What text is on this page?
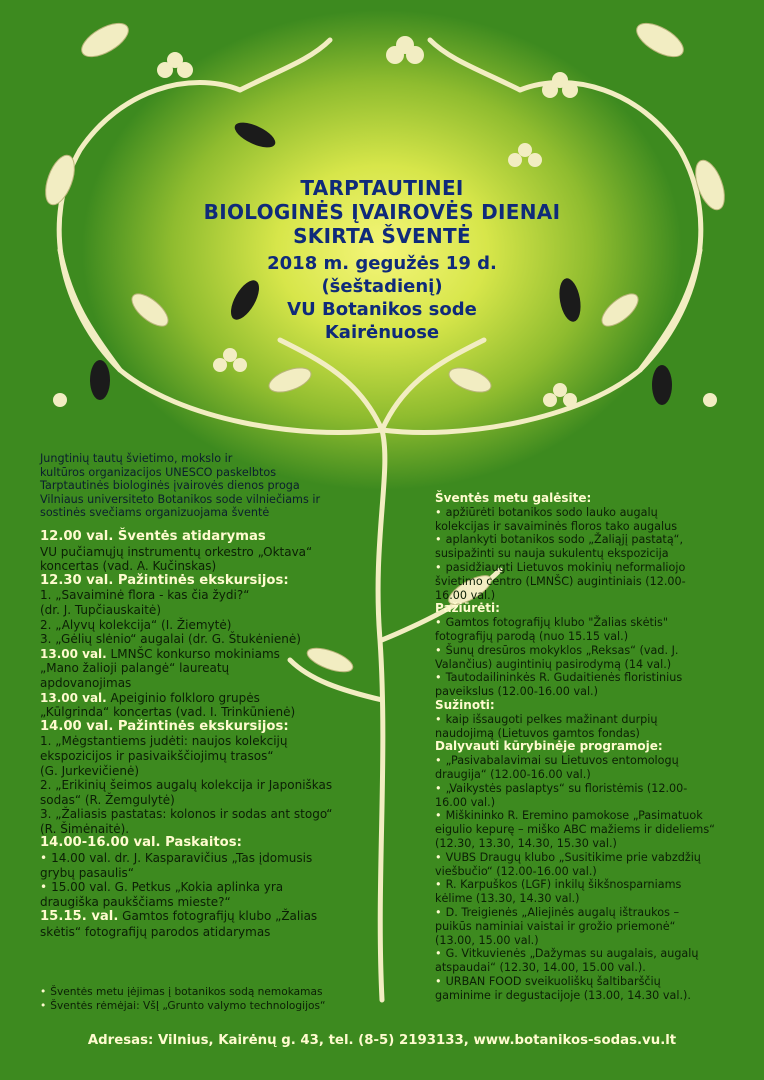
TARPTAUTINEI
BIOLOGINĖS ĮVAIROVĖS DIENAI
SKIRTA ŠVENTĖ
2018 m. gegužės 19 d.
(šeštadienį)
VU Botanikos sode
Kairėnuose
Jungtinių tautų švietimo, mokslo ir
kultūros organizacijos UNESCO paskelbtos
Tarptautinės biologinės įvairovės dienos proga
Vilniaus universiteto Botanikos sode vilniečiams ir
sostinės svečiams organizuojama šventė
12.00 val. Šventės atidarymas
VU pučiamųjų instrumentų orkestro „Oktava“
koncertas (vad. A. Kučinskas)
12.30 val. Pažintinės ekskursijos:
1. „Savaiminė flora - kas čia žydi?“
(dr. J. Tupčiauskaitė)
2. „Alyvų kolekcija“ (I. Žiemytė)
3. „Gėlių slėnio“ augalai (dr. G. Štukėnienė)
13.00 val. LMNŠC konkurso mokiniams
„Mano žalioji palangė“ laureatų
apdovanojimas
13.00 val. Apeiginio folkloro grupės
„Kūlgrinda“ koncertas (vad. I. Trinkūnienė)
14.00 val. Pažintinės ekskursijos:
1. „Mėgstantiems judėti: naujos kolekcijų
ekspozicijos ir pasivaikščiojimų trasos“
(G. Jurkevičienė)
2. „Erikinių šeimos augalų kolekcija ir Japoniškas
sodas“ (R. Žemgulytė)
3. „Žaliasis pastatas: kolonos ir sodas ant stogo“
(R. Šimėnaitė).
14.00-16.00 val. Paskaitos:
• 14.00 val. dr. J. Kasparavičius „Tas įdomusis
grybų pasaulis“
• 15.00 val. G. Petkus „Kokia aplinka yra
draugiška paukščiams mieste?“
15.15. val. Gamtos fotografijų klubo „Žalias
skėtis“ fotografijų parodos atidarymas
Šventės metu galėsite:
• apžiūrėti botanikos sodo lauko augalų
kolekcijas ir savaiminės floros tako augalus
• aplankyti botanikos sodo „Žaliąjį pastatą“,
susipažinti su nauja sukulentų ekspozicija
• pasidžiaugti Lietuvos mokinių neformaliojo
švietimo centro (LMNŠC) augintiniais (12.00-
16.00 val.)
Pažiūrėti:
• Gamtos fotografijų klubo "Žalias skėtis"
fotografijų parodą (nuo 15.15 val.)
• Šunų dresūros mokyklos „Reksas“ (vad. J.
Valančius) augintinių pasirodymą (14 val.)
• Tautodailininkės R. Gudaitienės floristinius
paveikslus (12.00-16.00 val.)
Sužinoti:
• kaip išsaugoti pelkes mažinant durpių
naudojimą (Lietuvos gamtos fondas)
Dalyvauti kūrybinėje programoje:
• „Pasivabalavimai su Lietuvos entomologų
draugija“ (12.00-16.00 val.)
• „Vaikystės paslaptys“ su floristėmis (12.00-
16.00 val.)
• Miškininko R. Eremino pamokose „Pasimatuok
eigulio kepurę – miško ABC mažiems ir dideliems“
(12.30, 13.30, 14.30, 15.30 val.)
• VUBS Draugų klubo „Susitikime prie vabzdžių
viešbučio“ (12.00-16.00 val.)
• R. Karpuškos (LGF) inkilų šikšnosparniams
kėlime (13.30, 14.30 val.)
• D. Treigienės „Aliejinės augalų ištraukos –
puikūs naminiai vaistai ir grožio priemonė“
(13.00, 15.00 val.)
• G. Vitkuvienės „Dažymas su augalais, augalų
atspaudai“ (12.30, 14.00, 15.00 val.).
• URBAN FOOD sveikuoliškų šaltibarščių
gaminime ir degustacijoje (13.00, 14.30 val.).
• Šventės metu įėjimas į botanikos sodą nemokamas
• Šventės rėmėjai: VšĮ „Grunto valymo technologijos“
Adresas: Vilnius, Kairėnų g. 43, tel. (8-5) 2193133, www.botanikos-sodas.vu.lt
